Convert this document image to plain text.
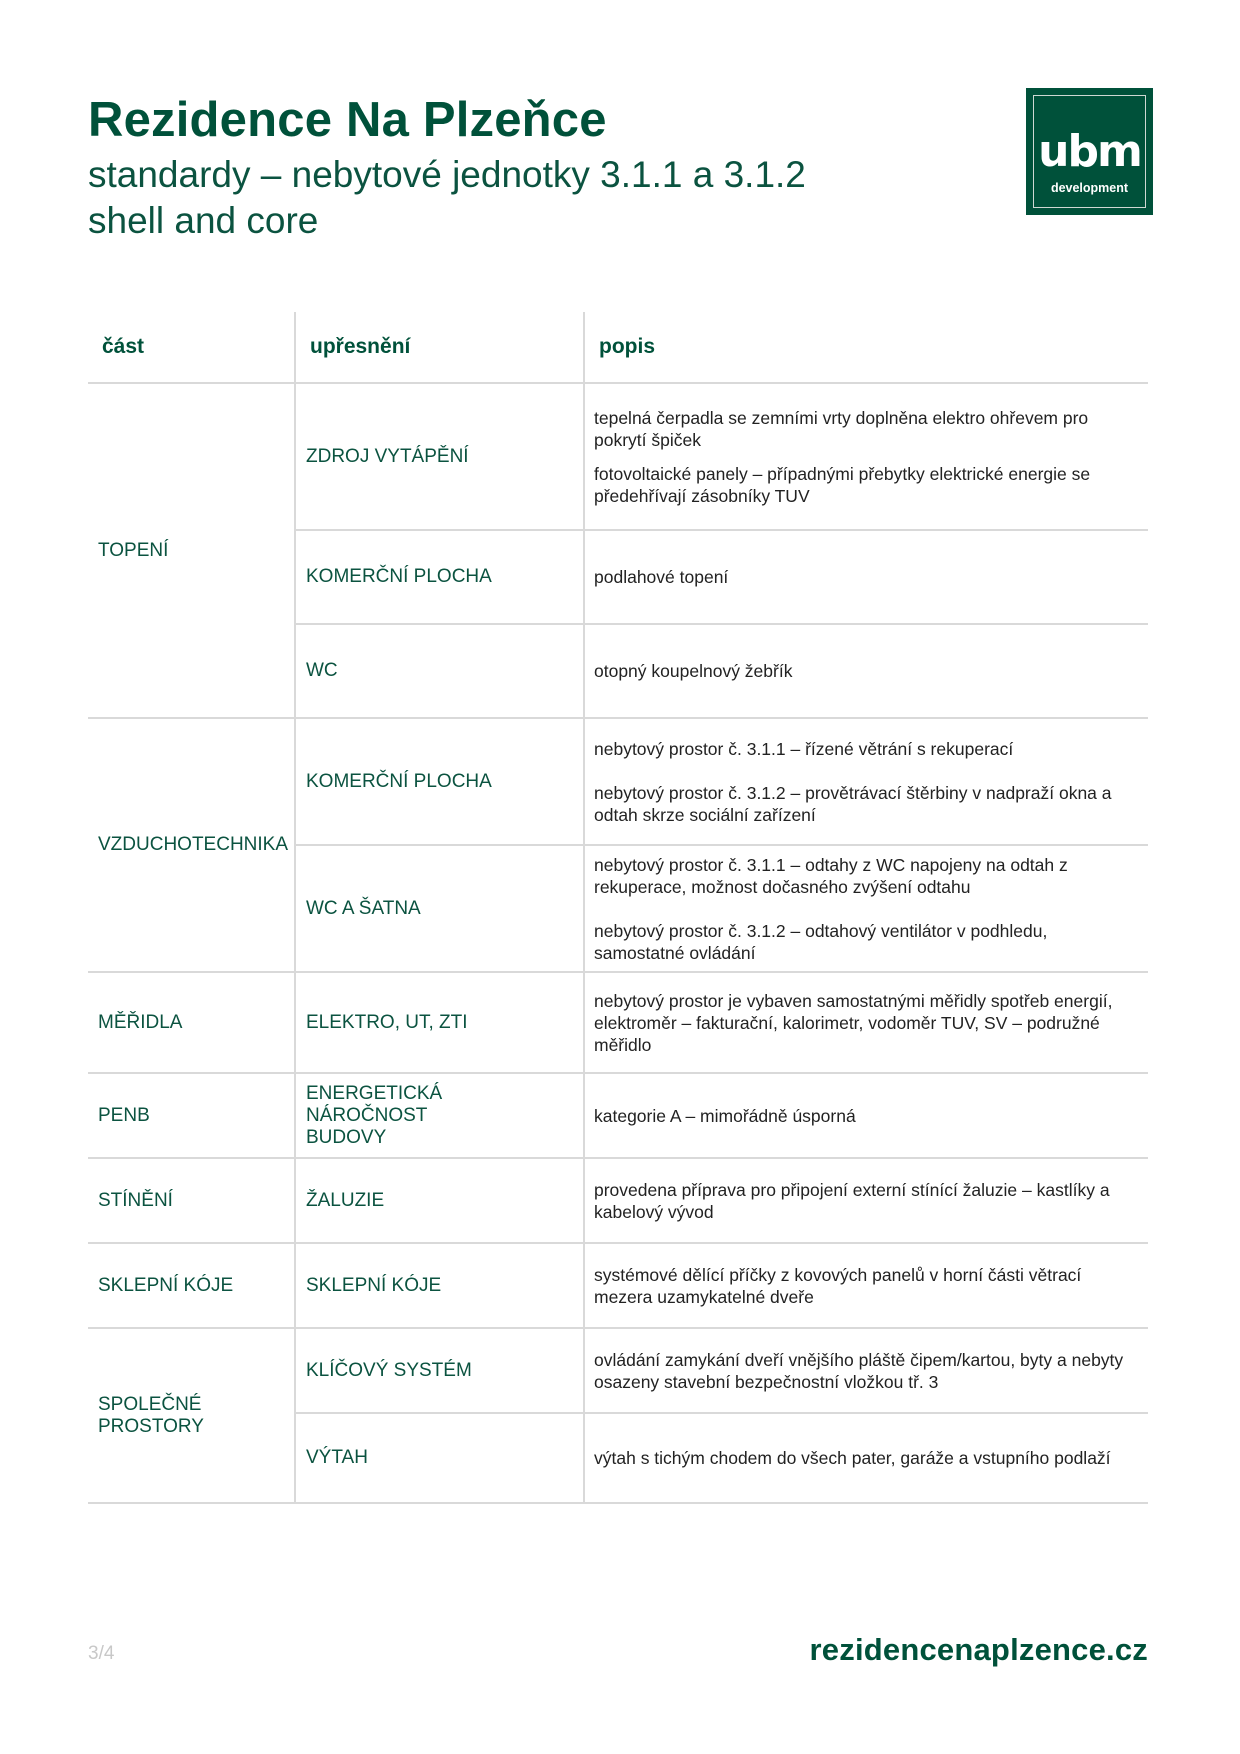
Rezidence Na Plzeňce
standardy – nebytové jednotky 3.1.1 a 3.1.2
shell and core
ubm
development
část	upřesnění	popis
TOPENÍ	ZDROJ VYTÁPĚNÍ	tepelná čerpadla se zemními vrty doplněna elektro ohřevem pro pokrytí špiček

fotovoltaické panely – případnými přebytky elektrické energie se předehřívají zásobníky TUV

	KOMERČNÍ PLOCHA	podlahové topení

	WC	otopný koupelnový žebřík

VZDUCHOTECHNIKA	KOMERČNÍ PLOCHA	nebytový prostor č. 3.1.1 – řízené větrání s rekuperací

nebytový prostor č. 3.1.2 – provětrávací štěrbiny v nadpraží okna a odtah skrze sociální zařízení

	WC A ŠATNA	nebytový prostor č. 3.1.1 – odtahy z WC napojeny na odtah z rekuperace, možnost dočasného zvýšení odtahu

nebytový prostor č. 3.1.2 – odtahový ventilátor v podhledu, samostatné ovládání

MĚŘIDLA	ELEKTRO, UT, ZTI	nebytový prostor je vybaven samostatnými měřidly spotřeb energií, elektroměr – fakturační, kalorimetr, vodoměr TUV, SV – podružné měřidlo

PENB	ENERGETICKÁ NÁROČNOST BUDOVY	kategorie A – mimořádně úsporná

STÍNĚNÍ	ŽALUZIE	provedena příprava pro připojení externí stínící žaluzie – kastlíky a kabelový vývod

SKLEPNÍ KÓJE	SKLEPNÍ KÓJE	systémové dělící příčky z kovových panelů v horní části větrací mezera uzamykatelné dveře

SPOLEČNÉ PROSTORY	KLÍČOVÝ SYSTÉM	ovládání zamykání dveří vnějšího pláště čipem/kartou, byty a nebyty osazeny stavební bezpečnostní vložkou tř. 3

	VÝTAH	výtah s tichým chodem do všech pater, garáže a vstupního podlaží

3/4	rezidencenaplzence.cz
